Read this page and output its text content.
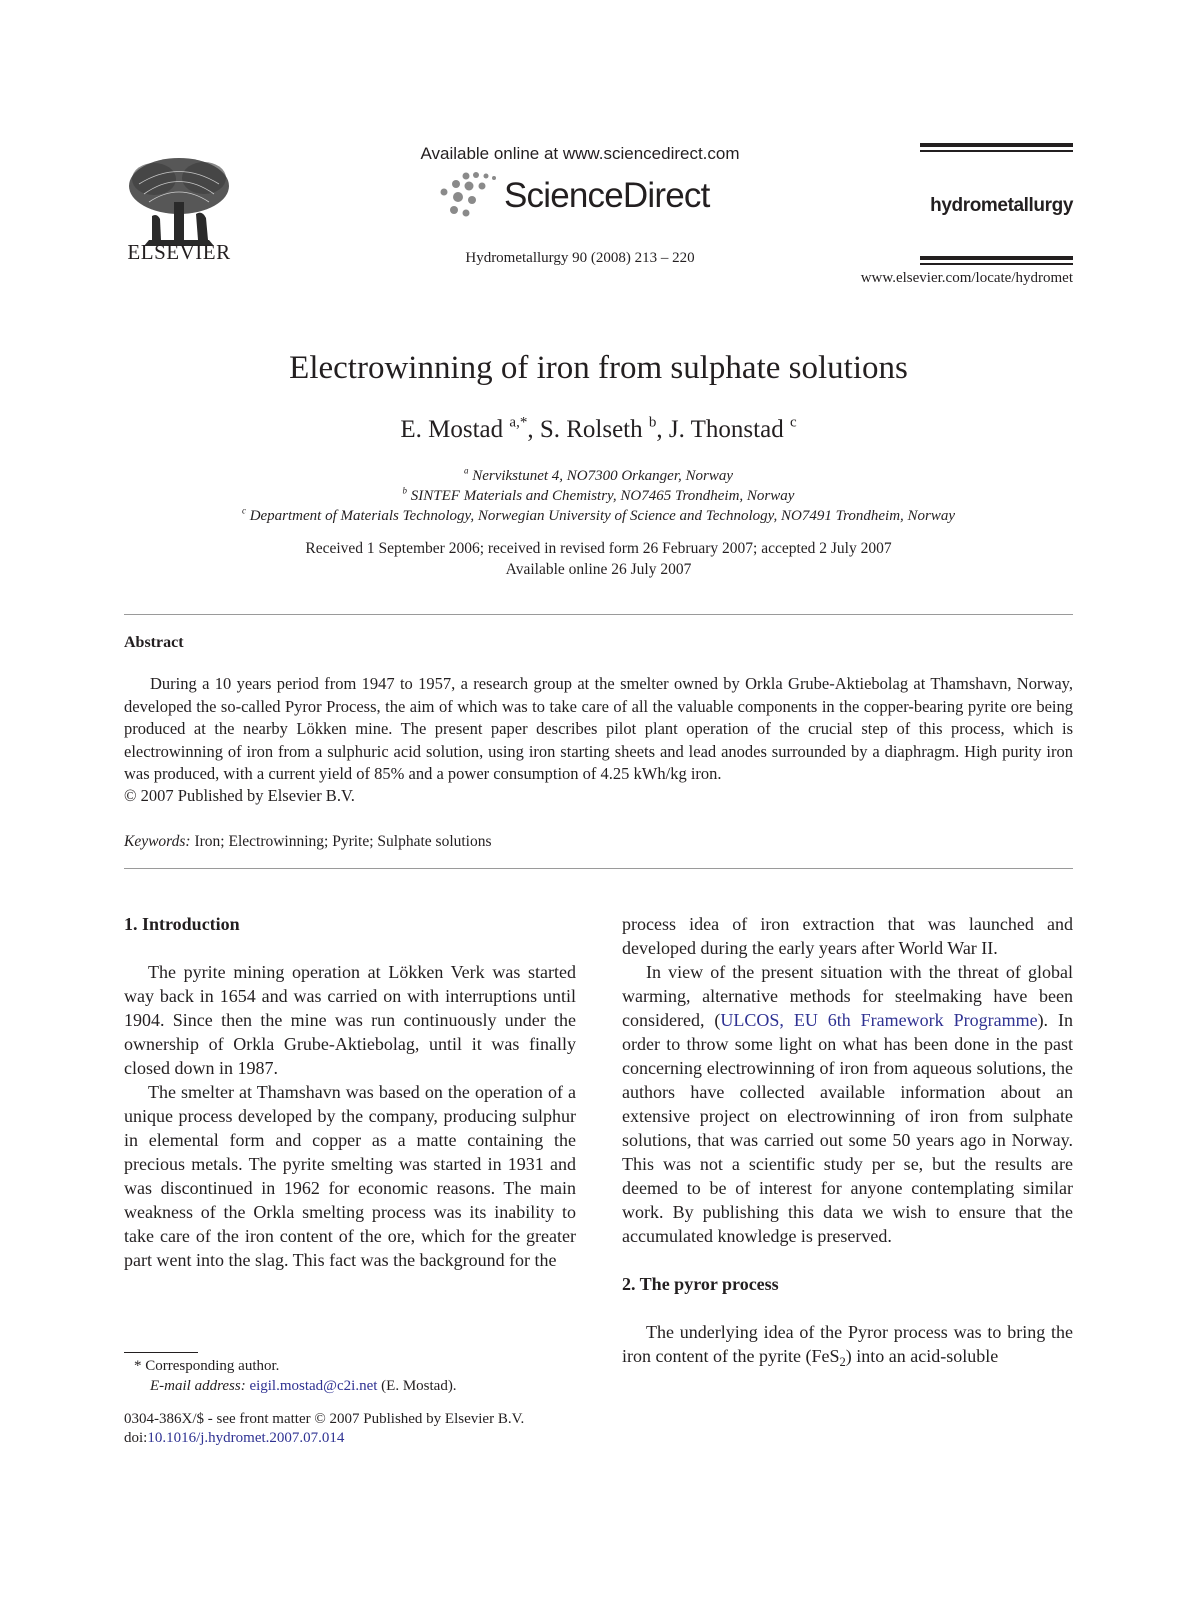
ELSEVIER
Available online at www.sciencedirect.com
ScienceDirect
Hydrometallurgy 90 (2008) 213 – 220
hydrometallurgy
www.elsevier.com/locate/hydromet
Electrowinning of iron from sulphate solutions
E. Mostad $^{a,*}$, S. Rolseth $^b$, J. Thonstad $^c$
$^a$ Nervikstunet 4, NO7300 Orkanger, Norway
$^b$ SINTEF Materials and Chemistry, NO7465 Trondheim, Norway
$^c$ Department of Materials Technology, Norwegian University of Science and Technology, NO7491 Trondheim, Norway
Received 1 September 2006; received in revised form 26 February 2007; accepted 2 July 2007
Available online 26 July 2007
Abstract
During a 10 years period from 1947 to 1957, a research group at the smelter owned by Orkla Grube-Aktiebolag at Thamshavn, Norway, developed the so-called Pyror Process, the aim of which was to take care of all the valuable components in the copper-bearing pyrite ore being produced at the nearby Lökken mine. The present paper describes pilot plant operation of the crucial step of this process, which is electrowinning of iron from a sulphuric acid solution, using iron starting sheets and lead anodes surrounded by a diaphragm. High purity iron was produced, with a current yield of 85% and a power consumption of 4.25 kWh/kg iron.
© 2007 Published by Elsevier B.V.
Keywords: Iron; Electrowinning; Pyrite; Sulphate solutions
1. Introduction

The pyrite mining operation at Lökken Verk was started way back in 1654 and was carried on with interruptions until 1904. Since then the mine was run continuously under the ownership of Orkla Grube-Aktiebolag, until it was finally closed down in 1987.

The smelter at Thamshavn was based on the operation of a unique process developed by the company, producing sulphur in elemental form and copper as a matte containing the precious metals. The pyrite smelting was started in 1931 and was discontinued in 1962 for economic reasons. The main weakness of the Orkla smelting process was its inability to take care of the iron content of the ore, which for the greater part went into the slag. This fact was the background for the

process idea of iron extraction that was launched and developed during the early years after World War II.

In view of the present situation with the threat of global warming, alternative methods for steelmaking have been considered, (ULCOS, EU 6th Framework Programme). In order to throw some light on what has been done in the past concerning electrowinning of iron from aqueous solutions, the authors have collected available information about an extensive project on electrowinning of iron from sulphate solutions, that was carried out some 50 years ago in Norway. This was not a scientific study per se, but the results are deemed to be of interest for anyone contemplating similar work. By publishing this data we wish to ensure that the accumulated knowledge is preserved.

2. The pyror process

The underlying idea of the Pyror process was to bring the iron content of the pyrite (FeS$_2$) into an acid-soluble

* Corresponding author.
E-mail address: eigil.mostad@c2i.net (E. Mostad).
0304-386X/$ - see front matter © 2007 Published by Elsevier B.V.
doi:10.1016/j.hydromet.2007.07.014
